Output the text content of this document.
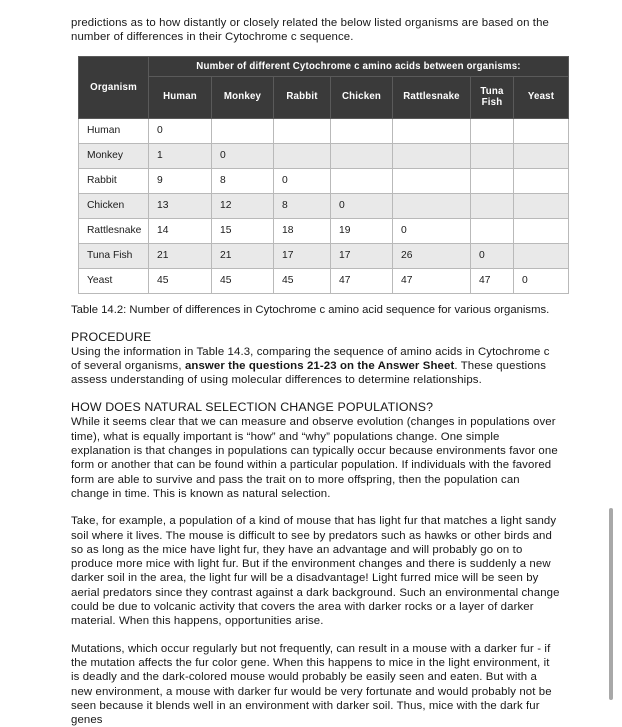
predictions as to how distantly or closely related the below listed organisms are based on the number of differences in their Cytochrome c sequence.

Organism	Number of different Cytochrome c amino acids between organisms:						
	Human	Monkey	Rabbit	Chicken	Rattlesnake	Tuna Fish	Yeast
Human	0						
Monkey	1	0					
Rabbit	9	8	0				
Chicken	13	12	8	0			
Rattlesnake	14	15	18	19	0		
Tuna Fish	21	21	17	17	26	0	
Yeast	45	45	45	47	47	47	0

Table 14.2: Number of differences in Cytochrome c amino acid sequence for various organisms.

PROCEDURE

Using the information in Table 14.3, comparing the sequence of amino acids in Cytochrome c of several organisms, answer the questions 21-23 on the Answer Sheet. These questions assess understanding of using molecular differences to determine relationships.

HOW DOES NATURAL SELECTION CHANGE POPULATIONS?

While it seems clear that we can measure and observe evolution (changes in populations over time), what is equally important is “how” and “why” populations change. One simple explanation is that changes in populations can typically occur because environments favor one form or another that can be found within a particular population. If individuals with the favored form are able to survive and pass the trait on to more offspring, then the population can change in time. This is known as natural selection.

Take, for example, a population of a kind of mouse that has light fur that matches a light sandy soil where it lives. The mouse is difficult to see by predators such as hawks or other birds and so as long as the mice have light fur, they have an advantage and will probably go on to produce more mice with light fur. But if the environment changes and there is suddenly a new darker soil in the area, the light fur will be a disadvantage! Light furred mice will be seen by aerial predators since they contrast against a dark background. Such an environmental change could be due to volcanic activity that covers the area with darker rocks or a layer of darker material. When this happens, opportunities arise.

Mutations, which occur regularly but not frequently, can result in a mouse with a darker fur - if the mutation affects the fur color gene. When this happens to mice in the light environment, it is deadly and the dark-colored mouse would probably be easily seen and eaten. But with a new environment, a mouse with darker fur would be very fortunate and would probably not be seen because it blends well in an environment with darker soil. Thus, mice with the dark fur genes
